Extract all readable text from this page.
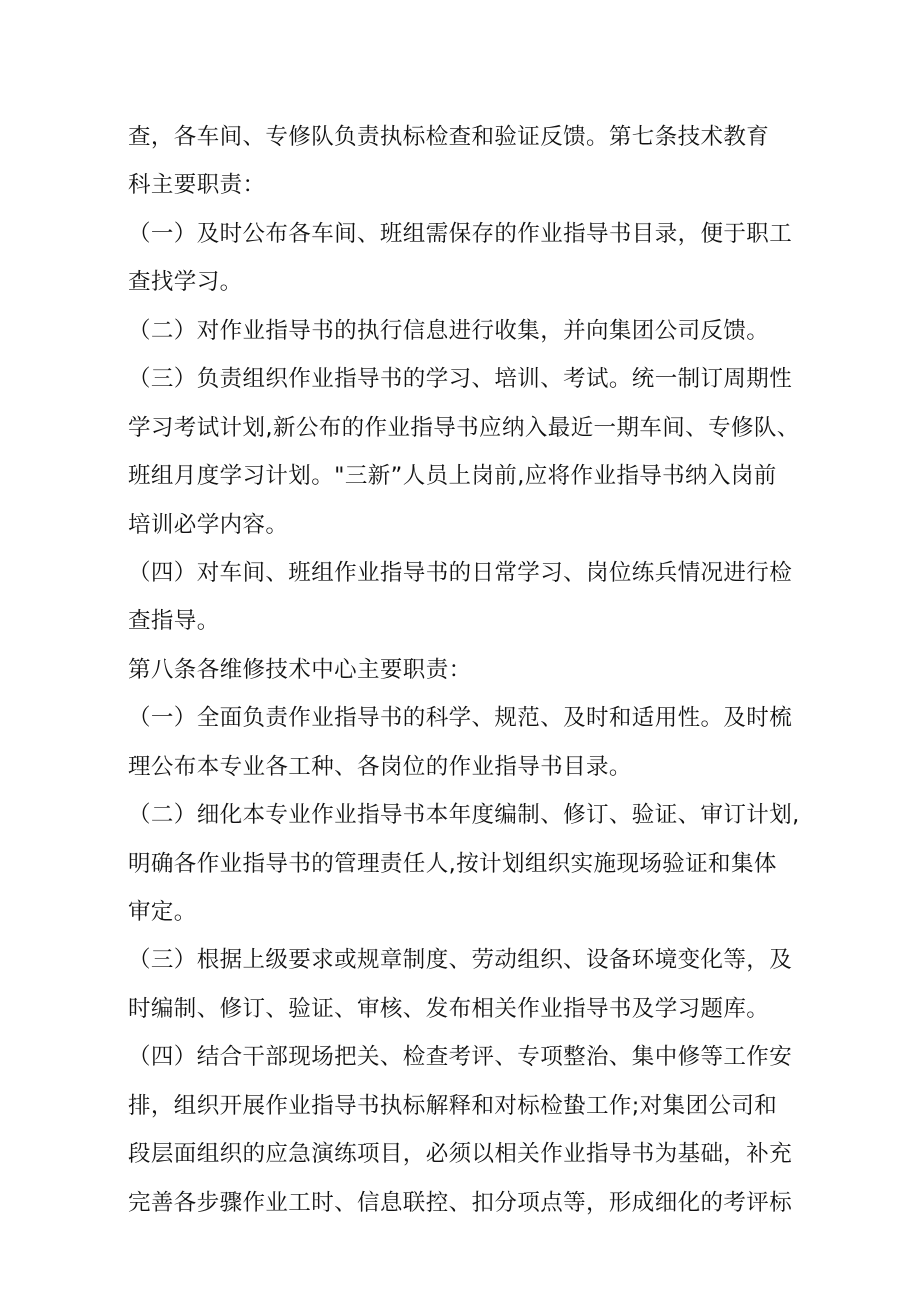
查，各车间、专修队负责执标检查和验证反馈。第七条技术教育
科主要职责：
（一）及时公布各车间、班组需保存的作业指导书目录，便于职工
查找学习。
（二）对作业指导书的执行信息进行收集，并向集团公司反馈。
（三）负责组织作业指导书的学习、培训、考试。统一制订周期性
学习考试计划,新公布的作业指导书应纳入最近一期车间、专修队、
班组月度学习计划。"三新”人员上岗前,应将作业指导书纳入岗前
培训必学内容。
（四）对车间、班组作业指导书的日常学习、岗位练兵情况进行检
查指导。
第八条各维修技术中心主要职责：
（一）全面负责作业指导书的科学、规范、及时和适用性。及时梳
理公布本专业各工种、各岗位的作业指导书目录。
（二）细化本专业作业指导书本年度编制、修订、验证、审订计划,
明确各作业指导书的管理责任人,按计划组织实施现场验证和集体
审定。
（三）根据上级要求或规章制度、劳动组织、设备环境变化等，及
时编制、修订、验证、审核、发布相关作业指导书及学习题库。
（四）结合干部现场把关、检查考评、专项整治、集中修等工作安
排，组织开展作业指导书执标解释和对标检蛰工作;对集团公司和
段层面组织的应急演练项目，必须以相关作业指导书为基础，补充
完善各步骤作业工时、信息联控、扣分项点等，形成细化的考评标
